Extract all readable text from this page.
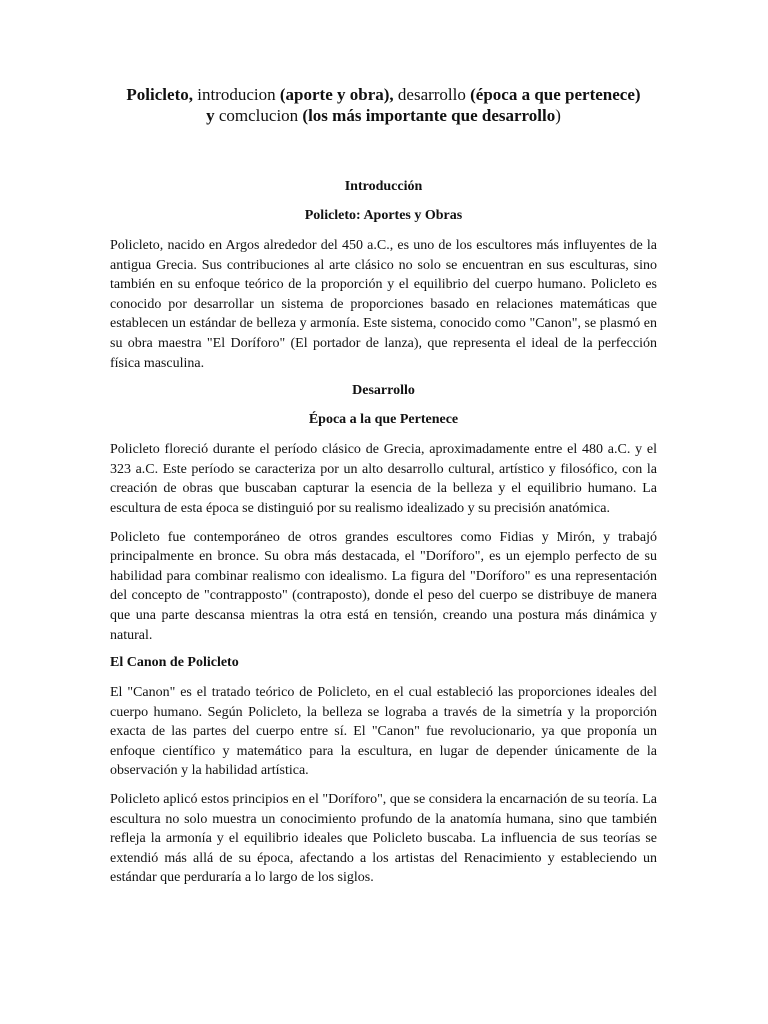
Policleto, introducion (aporte y obra), desarrollo (época a que pertenece)
y comclucion (los más importante que desarrollo)
Introducción
Policleto: Aportes y Obras

Policleto, nacido en Argos alrededor del 450 a.C., es uno de los escultores más influyentes de la antigua Grecia. Sus contribuciones al arte clásico no solo se encuentran en sus esculturas, sino también en su enfoque teórico de la proporción y el equilibrio del cuerpo humano. Policleto es conocido por desarrollar un sistema de proporciones basado en relaciones matemáticas que establecen un estándar de belleza y armonía. Este sistema, conocido como "Canon", se plasmó en su obra maestra "El Doríforo" (El portador de lanza), que representa el ideal de la perfección física masculina.

Desarrollo
Época a la que Pertenece

Policleto floreció durante el período clásico de Grecia, aproximadamente entre el 480 a.C. y el 323 a.C. Este período se caracteriza por un alto desarrollo cultural, artístico y filosófico, con la creación de obras que buscaban capturar la esencia de la belleza y el equilibrio humano. La escultura de esta época se distinguió por su realismo idealizado y su precisión anatómica.

Policleto fue contemporáneo de otros grandes escultores como Fidias y Mirón, y trabajó principalmente en bronce. Su obra más destacada, el "Doríforo", es un ejemplo perfecto de su habilidad para combinar realismo con idealismo. La figura del "Doríforo" es una representación del concepto de "contrapposto" (contraposto), donde el peso del cuerpo se distribuye de manera que una parte descansa mientras la otra está en tensión, creando una postura más dinámica y natural.

El Canon de Policleto

El "Canon" es el tratado teórico de Policleto, en el cual estableció las proporciones ideales del cuerpo humano. Según Policleto, la belleza se lograba a través de la simetría y la proporción exacta de las partes del cuerpo entre sí. El "Canon" fue revolucionario, ya que proponía un enfoque científico y matemático para la escultura, en lugar de depender únicamente de la observación y la habilidad artística.

Policleto aplicó estos principios en el "Doríforo", que se considera la encarnación de su teoría. La escultura no solo muestra un conocimiento profundo de la anatomía humana, sino que también refleja la armonía y el equilibrio ideales que Policleto buscaba. La influencia de sus teorías se extendió más allá de su época, afectando a los artistas del Renacimiento y estableciendo un estándar que perduraría a lo largo de los siglos.
